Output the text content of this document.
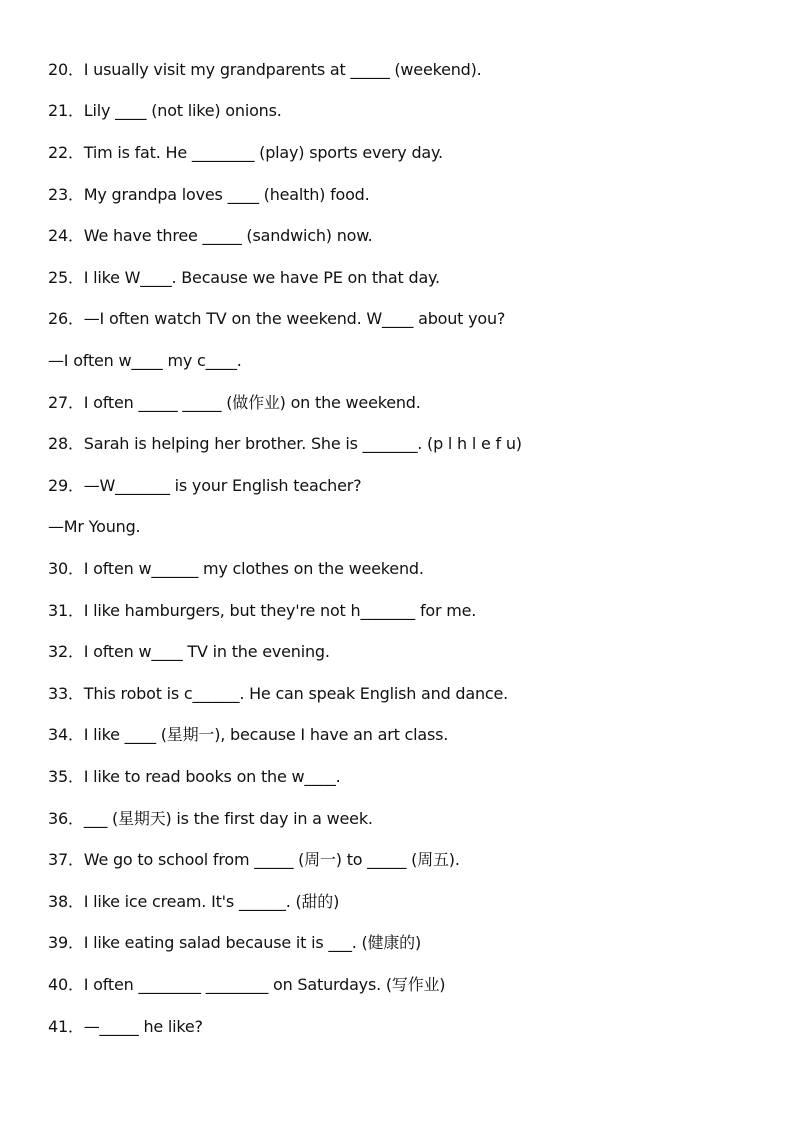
20．I usually visit my grandparents at _____ (weekend).
21．Lily ____ (not like) onions.
22．Tim is fat. He ________ (play) sports every day.
23．My grandpa loves ____ (health) food.
24．We have three _____ (sandwich) now.
25．I like W____. Because we have PE on that day.
26．—I often watch TV on the weekend. W____ about you?
—I often w____ my c____.
27．I often _____ _____ (做作业) on the weekend.
28．Sarah is helping her brother. She is _______. (p l h l e f u)
29．—W_______ is your English teacher?
—Mr Young.
30．I often w______ my clothes on the weekend.
31．I like hamburgers, but they're not h_______ for me.
32．I often w____ TV in the evening.
33．This robot is c______. He can speak English and dance.
34．I like ____ (星期一), because I have an art class.
35．I like to read books on the w____.
36．___ (星期天) is the first day in a week.
37．We go to school from _____ (周一) to _____ (周五).
38．I like ice cream. It's ______. (甜的)
39．I like eating salad because it is ___. (健康的)
40．I often ________ ________ on Saturdays. (写作业)
41．—_____ he like?
